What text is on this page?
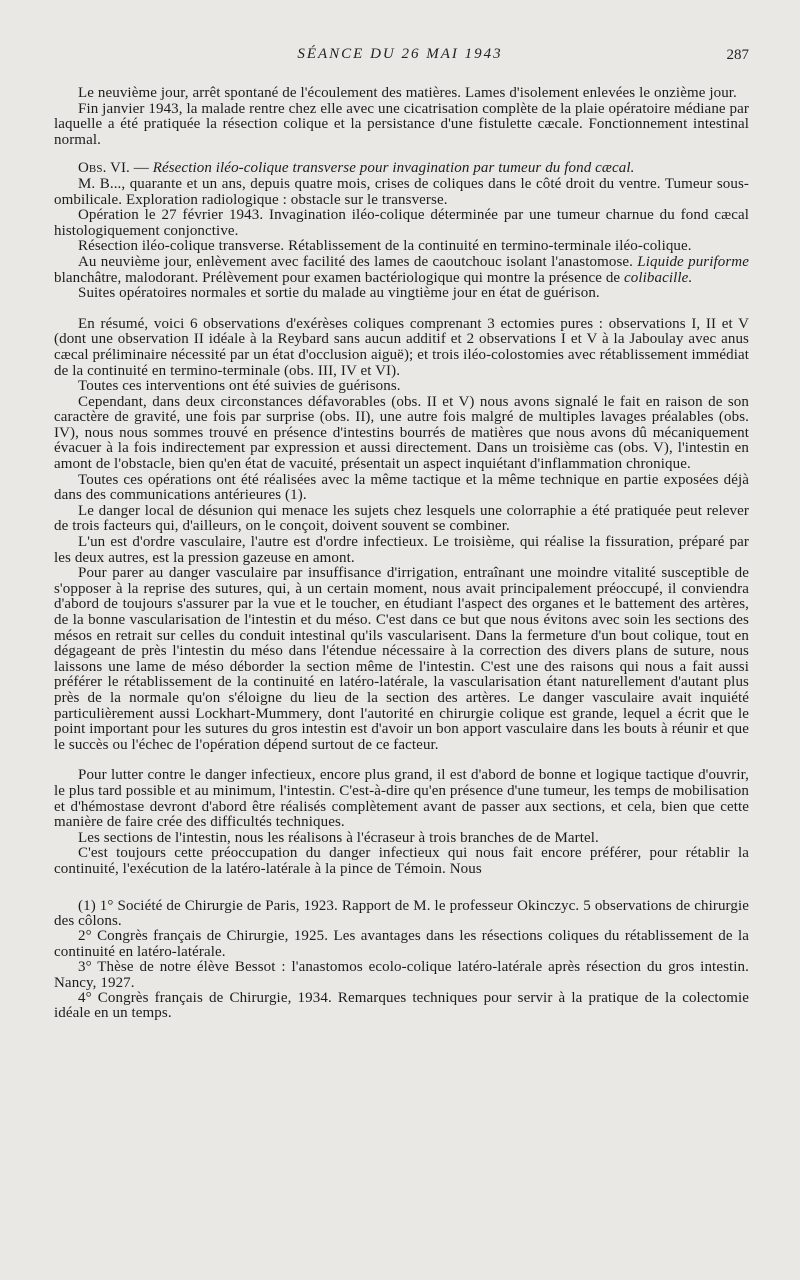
SÉANCE DU 26 MAI 1943	287

Le neuvième jour, arrêt spontané de l'écoulement des matières. Lames d'isolement enlevées le onzième jour.

Fin janvier 1943, la malade rentre chez elle avec une cicatrisation complète de la plaie opératoire médiane par laquelle a été pratiquée la résection colique et la persistance d'une fistulette cæcale. Fonctionnement intestinal normal.

Obs. VI. — Résection iléo-colique transverse pour invagination par tumeur du fond cæcal.

M. B..., quarante et un ans, depuis quatre mois, crises de coliques dans le côté droit du ventre. Tumeur sous-ombilicale. Exploration radiologique : obstacle sur le transverse.

Opération le 27 février 1943. Invagination iléo-colique déterminée par une tumeur charnue du fond cæcal histologiquement conjonctive.

Résection iléo-colique transverse. Rétablissement de la continuité en termino-terminale iléo-colique.

Au neuvième jour, enlèvement avec facilité des lames de caoutchouc isolant l'anastomose. Liquide puriforme blanchâtre, malodorant. Prélèvement pour examen bactériologique qui montre la présence de colibacille.

Suites opératoires normales et sortie du malade au vingtième jour en état de guérison.

En résumé, voici 6 observations d'exérèses coliques comprenant 3 ectomies pures : observations I, II et V (dont une observation II idéale à la Reybard sans aucun additif et 2 observations I et V à la Jaboulay avec anus cæcal préliminaire nécessité par un état d'occlusion aiguë); et trois iléo-colostomies avec rétablissement immédiat de la continuité en termino-terminale (obs. III, IV et VI).

Toutes ces interventions ont été suivies de guérisons.

Cependant, dans deux circonstances défavorables (obs. II et V) nous avons signalé le fait en raison de son caractère de gravité, une fois par surprise (obs. II), une autre fois malgré de multiples lavages préalables (obs. IV), nous nous sommes trouvé en présence d'intestins bourrés de matières que nous avons dû mécaniquement évacuer à la fois indirectement par expression et aussi directement. Dans un troisième cas (obs. V), l'intestin en amont de l'obstacle, bien qu'en état de vacuité, présentait un aspect inquiétant d'inflammation chronique.

Toutes ces opérations ont été réalisées avec la même tactique et la même technique en partie exposées déjà dans des communications antérieures (1).

Le danger local de désunion qui menace les sujets chez lesquels une colorraphie a été pratiquée peut relever de trois facteurs qui, d'ailleurs, on le conçoit, doivent souvent se combiner.

L'un est d'ordre vasculaire, l'autre est d'ordre infectieux. Le troisième, qui réalise la fissuration, préparé par les deux autres, est la pression gazeuse en amont.

Pour parer au danger vasculaire par insuffisance d'irrigation, entraînant une moindre vitalité susceptible de s'opposer à la reprise des sutures, qui, à un certain moment, nous avait principalement préoccupé, il conviendra d'abord de toujours s'assurer par la vue et le toucher, en étudiant l'aspect des organes et le battement des artères, de la bonne vascularisation de l'intestin et du méso. C'est dans ce but que nous évitons avec soin les sections des mésos en retrait sur celles du conduit intestinal qu'ils vascularisent. Dans la fermeture d'un bout colique, tout en dégageant de près l'intestin du méso dans l'étendue nécessaire à la correction des divers plans de suture, nous laissons une lame de méso déborder la section même de l'intestin. C'est une des raisons qui nous a fait aussi préférer le rétablissement de la continuité en latéro-latérale, la vascularisation étant naturellement d'autant plus près de la normale qu'on s'éloigne du lieu de la section des artères. Le danger vasculaire avait inquiété particulièrement aussi Lockhart-Mummery, dont l'autorité en chirurgie colique est grande, lequel a écrit que le point important pour les sutures du gros intestin est d'avoir un bon apport vasculaire dans les bouts à réunir et que le succès ou l'échec de l'opération dépend surtout de ce facteur.

Pour lutter contre le danger infectieux, encore plus grand, il est d'abord de bonne et logique tactique d'ouvrir, le plus tard possible et au minimum, l'intestin. C'est-à-dire qu'en présence d'une tumeur, les temps de mobilisation et d'hémostase devront d'abord être réalisés complètement avant de passer aux sections, et cela, bien que cette manière de faire crée des difficultés techniques.

Les sections de l'intestin, nous les réalisons à l'écraseur à trois branches de de Martel.

C'est toujours cette préoccupation du danger infectieux qui nous fait encore préférer, pour rétablir la continuité, l'exécution de la latéro-latérale à la pince de Témoin. Nous

(1) 1° Société de Chirurgie de Paris, 1923. Rapport de M. le professeur Okinczyc. 5 observations de chirurgie des côlons.

2° Congrès français de Chirurgie, 1925. Les avantages dans les résections coliques du rétablissement de la continuité en latéro-latérale.

3° Thèse de notre élève Bessot : l'anastomos ecolo-colique latéro-latérale après résection du gros intestin. Nancy, 1927.

4° Congrès français de Chirurgie, 1934. Remarques techniques pour servir à la pratique de la colectomie idéale en un temps.
